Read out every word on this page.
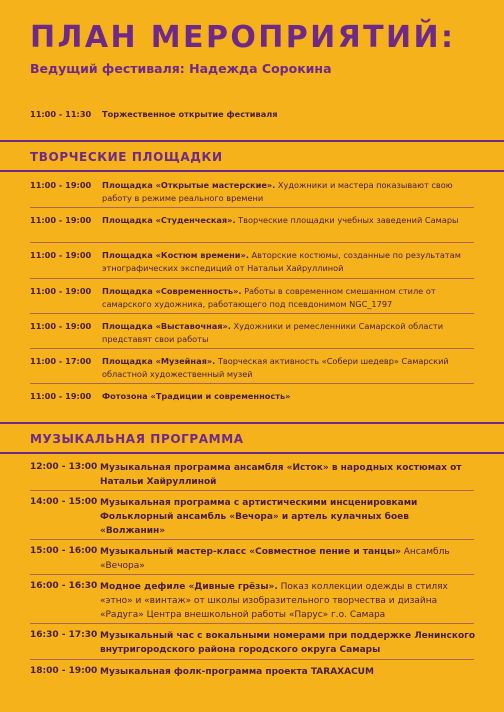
ПЛАН МЕРОПРИЯТИЙ:
Ведущий фестиваля: Надежда Сорокина
11:00 - 11:30	Торжественное открытие фестиваля
ТВОРЧЕСКИЕ ПЛОЩАДКИ
11:00 - 19:00	Площадка «Открытые мастерские». Художники и мастера показывают свою работу в режиме реального времени
11:00 - 19:00	Площадка «Студенческая». Творческие площадки учебных заведений Самары
11:00 - 19:00	Площадка «Костюм времени». Авторские костюмы, созданные по результатам этнографических экспедиций от Натальи Хайруллиной
11:00 - 19:00	Площадка «Современность». Работы в современном смешанном стиле от самарского художника, работающего под псевдонимом NGC_1797
11:00 - 19:00	Площадка «Выставочная». Художники и ремесленники Самарской области представят свои работы
11:00 - 17:00	Площадка «Музейная». Творческая активность «Собери шедевр» Самарский областной художественный музей
11:00 - 19:00	Фотозона «Традиции и современность»
МУЗЫКАЛЬНАЯ ПРОГРАММА
12:00 - 13:00 Музыкальная программа ансамбля «Исток» в народных костюмах от Натальи Хайруллиной
14:00 - 15:00 Музыкальная программа с артистическими инсценировками Фольклорный ансамбль «Вечора» и артель кулачных боев «Волжанин»
15:00 - 16:00 Музыкальный мастер-класс «Совместное пение и танцы» Ансамбль «Вечора»
16:00 - 16:30 Модное дефиле «Дивные грёзы». Показ коллекции одежды в стилях «этно» и «винтаж» от школы изобразительного творчества и дизайна «Радуга» Центра внешкольной работы «Парус» г.о. Самара
16:30 - 17:30 Музыкальный час с вокальными номерами при поддержке Ленинского внутригородского района городского округа Самары
18:00 - 19:00 Музыкальная фолк-программа проекта TARAXACUM
